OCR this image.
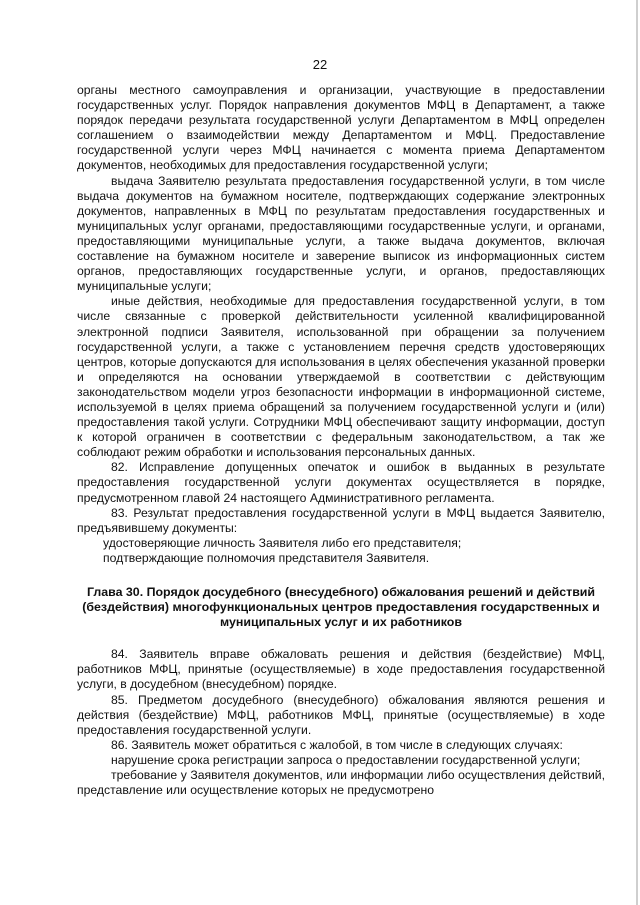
22

органы местного самоуправления и организации, участвующие в предоставлении государственных услуг. Порядок направления документов МФЦ в Департамент, а также порядок передачи результата государственной услуги Департаментом в МФЦ определен соглашением о взаимодействии между Департаментом и МФЦ. Предоставление государственной услуги через МФЦ начинается с момента приема Департаментом документов, необходимых для предоставления государственной услуги;

выдача Заявителю результата предоставления государственной услуги, в том числе выдача документов на бумажном носителе, подтверждающих содержание электронных документов, направленных в МФЦ по результатам предоставления государственных и муниципальных услуг органами, предоставляющими государственные услуги, и органами, предоставляющими муниципальные услуги, а также выдача документов, включая составление на бумажном носителе и заверение выписок из информационных систем органов, предоставляющих государственные услуги, и органов, предоставляющих муниципальные услуги;

иные действия, необходимые для предоставления государственной услуги, в том числе связанные с проверкой действительности усиленной квалифицированной электронной подписи Заявителя, использованной при обращении за получением государственной услуги, а также с установлением перечня средств удостоверяющих центров, которые допускаются для использования в целях обеспечения указанной проверки и определяются на основании утверждаемой в соответствии с действующим законодательством модели угроз безопасности информации в информационной системе, используемой в целях приема обращений за получением государственной услуги и (или) предоставления такой услуги. Сотрудники МФЦ обеспечивают защиту информации, доступ к которой ограничен в соответствии с федеральным законодательством, а так же соблюдают режим обработки и использования персональных данных.

82. Исправление допущенных опечаток и ошибок в выданных в результате предоставления государственной услуги документах осуществляется в порядке, предусмотренном главой 24 настоящего Административного регламента.

83. Результат предоставления государственной услуги в МФЦ выдается Заявителю, предъявившему документы:

удостоверяющие личность Заявителя либо его представителя;

подтверждающие полномочия представителя Заявителя.

Глава 30. Порядок досудебного (внесудебного) обжалования решений и действий (бездействия) многофункциональных центров предоставления государственных и муниципальных услуг и их работников

84. Заявитель вправе обжаловать решения и действия (бездействие) МФЦ, работников МФЦ, принятые (осуществляемые) в ходе предоставления государственной услуги, в досудебном (внесудебном) порядке.

85. Предметом досудебного (внесудебного) обжалования являются решения и действия (бездействие) МФЦ, работников МФЦ, принятые (осуществляемые) в ходе предоставления государственной услуги.

86. Заявитель может обратиться с жалобой, в том числе в следующих случаях:

нарушение срока регистрации запроса о предоставлении государственной услуги;

требование у Заявителя документов, или информации либо осуществления действий, представление или осуществление которых не предусмотрено
